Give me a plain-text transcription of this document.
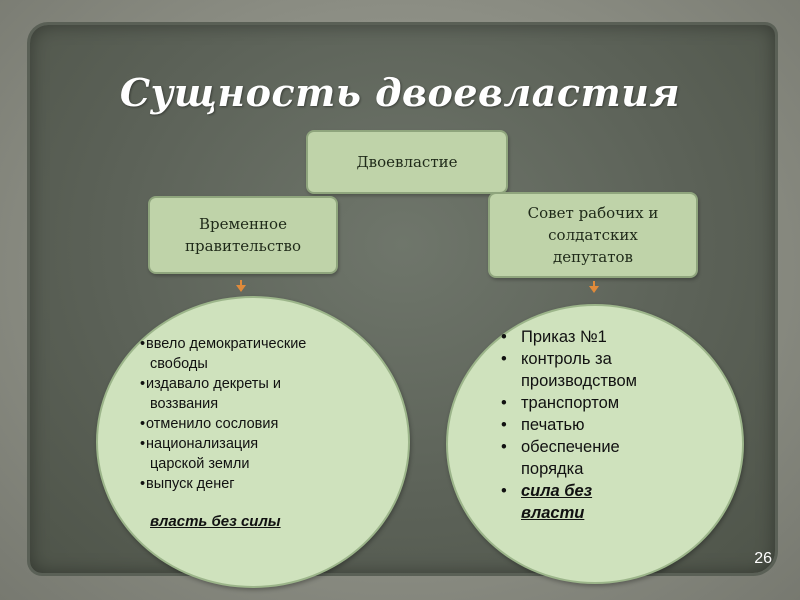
Сущность двоевластия
Двоевластие
Временное
правительство
Совет рабочих и
солдатских
депутатов
•ввело демократические
свободы
•издавало декреты и
воззвания
•отменило сословия
•национализация
царской земли
•выпуск денег
власть без силы
• Приказ №1
• контроль за
производством
• транспортом
• печатью
• обеспечение
порядка
• сила без
власти
26
